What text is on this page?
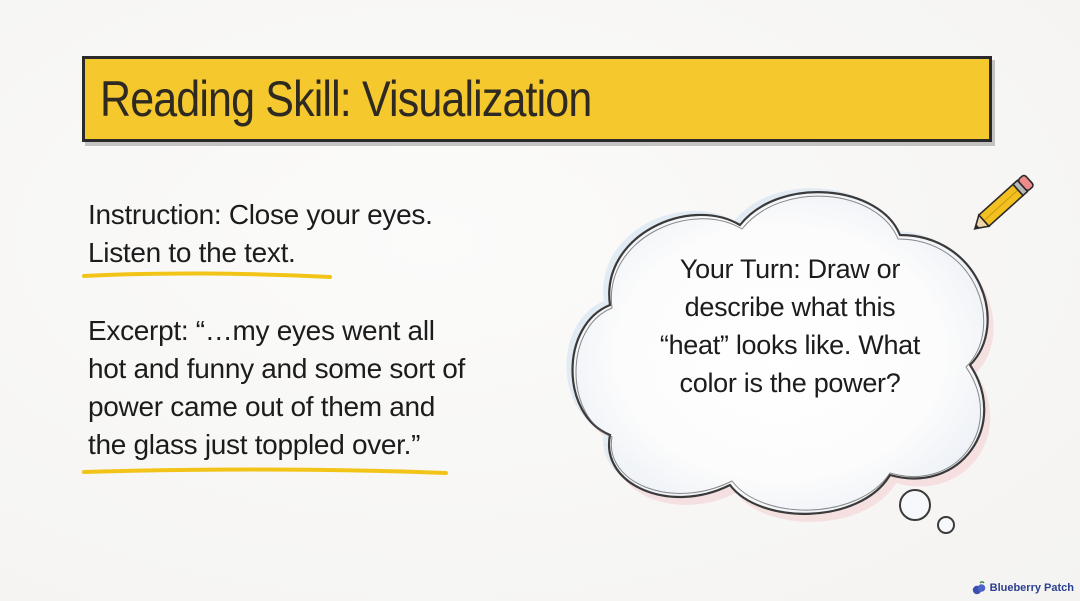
Reading Skill: Visualization
Instruction: Close your eyes.
Listen to the text.
Excerpt: “…my eyes went all
hot and funny and some sort of
power came out of them and
the glass just toppled over.”
Your Turn: Draw or
describe what this
“heat” looks like. What
color is the power?
Blueberry Patch
